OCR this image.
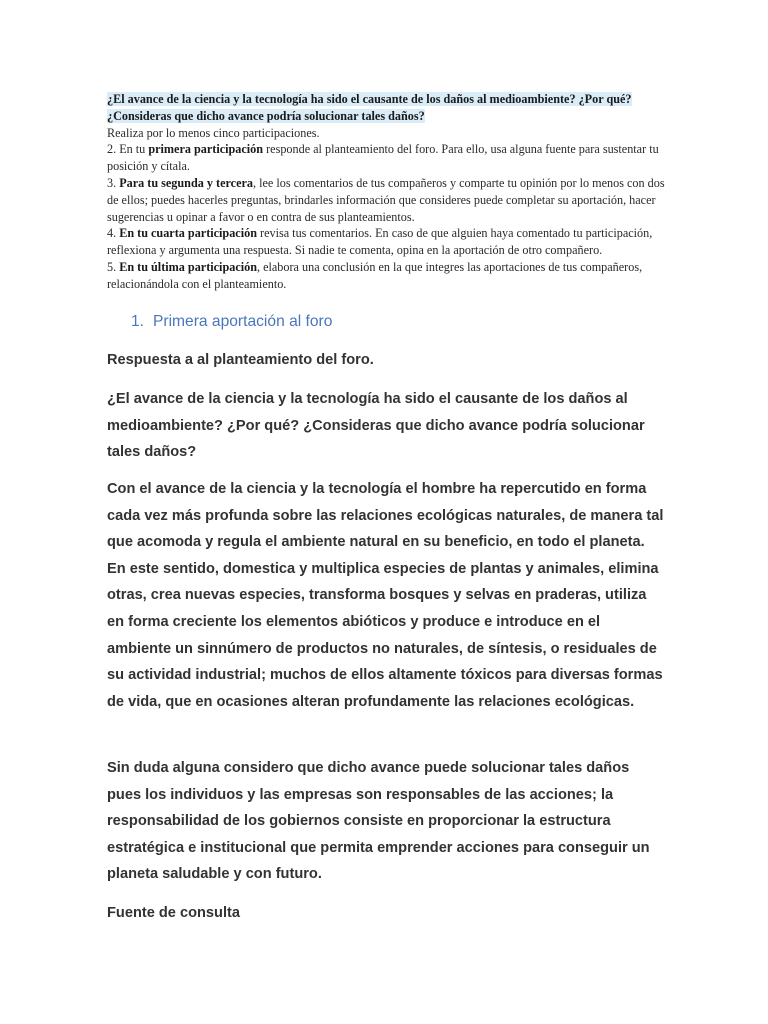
¿El avance de la ciencia y la tecnología ha sido el causante de los daños al medioambiente? ¿Por qué? ¿Consideras que dicho avance podría solucionar tales daños?

Realiza por lo menos cinco participaciones.

2. En tu primera participación responde al planteamiento del foro. Para ello, usa alguna fuente para sustentar tu posición y cítala.

3. Para tu segunda y tercera, lee los comentarios de tus compañeros y comparte tu opinión por lo menos con dos de ellos; puedes hacerles preguntas, brindarles información que consideres puede completar su aportación, hacer sugerencias u opinar a favor o en contra de sus planteamientos.

4. En tu cuarta participación revisa tus comentarios. En caso de que alguien haya comentado tu participación, reflexiona y argumenta una respuesta. Si nadie te comenta, opina en la aportación de otro compañero.

5. En tu última participación, elabora una conclusión en la que integres las aportaciones de tus compañeros, relacionándola con el planteamiento.

1. Primera aportación al foro

Respuesta a al planteamiento del foro.

¿El avance de la ciencia y la tecnología ha sido el causante de los daños al medioambiente? ¿Por qué? ¿Consideras que dicho avance podría solucionar tales daños?

Con el avance de la ciencia y la tecnología el hombre ha repercutido en forma cada vez más profunda sobre las relaciones ecológicas naturales, de manera tal que acomoda y regula el ambiente natural en su beneficio, en todo el planeta. En este sentido, domestica y multiplica especies de plantas y animales, elimina otras, crea nuevas especies, transforma bosques y selvas en praderas, utiliza en forma creciente los elementos abióticos y produce e introduce en el ambiente un sinnúmero de productos no naturales, de síntesis, o residuales de su actividad industrial; muchos de ellos altamente tóxicos para diversas formas de vida, que en ocasiones alteran profundamente las relaciones ecológicas.

Sin duda alguna considero que dicho avance puede solucionar tales daños pues los individuos y las empresas son responsables de las acciones; la responsabilidad de los gobiernos consiste en proporcionar la estructura estratégica e institucional que permita emprender acciones para conseguir un planeta saludable y con futuro.

Fuente de consulta
